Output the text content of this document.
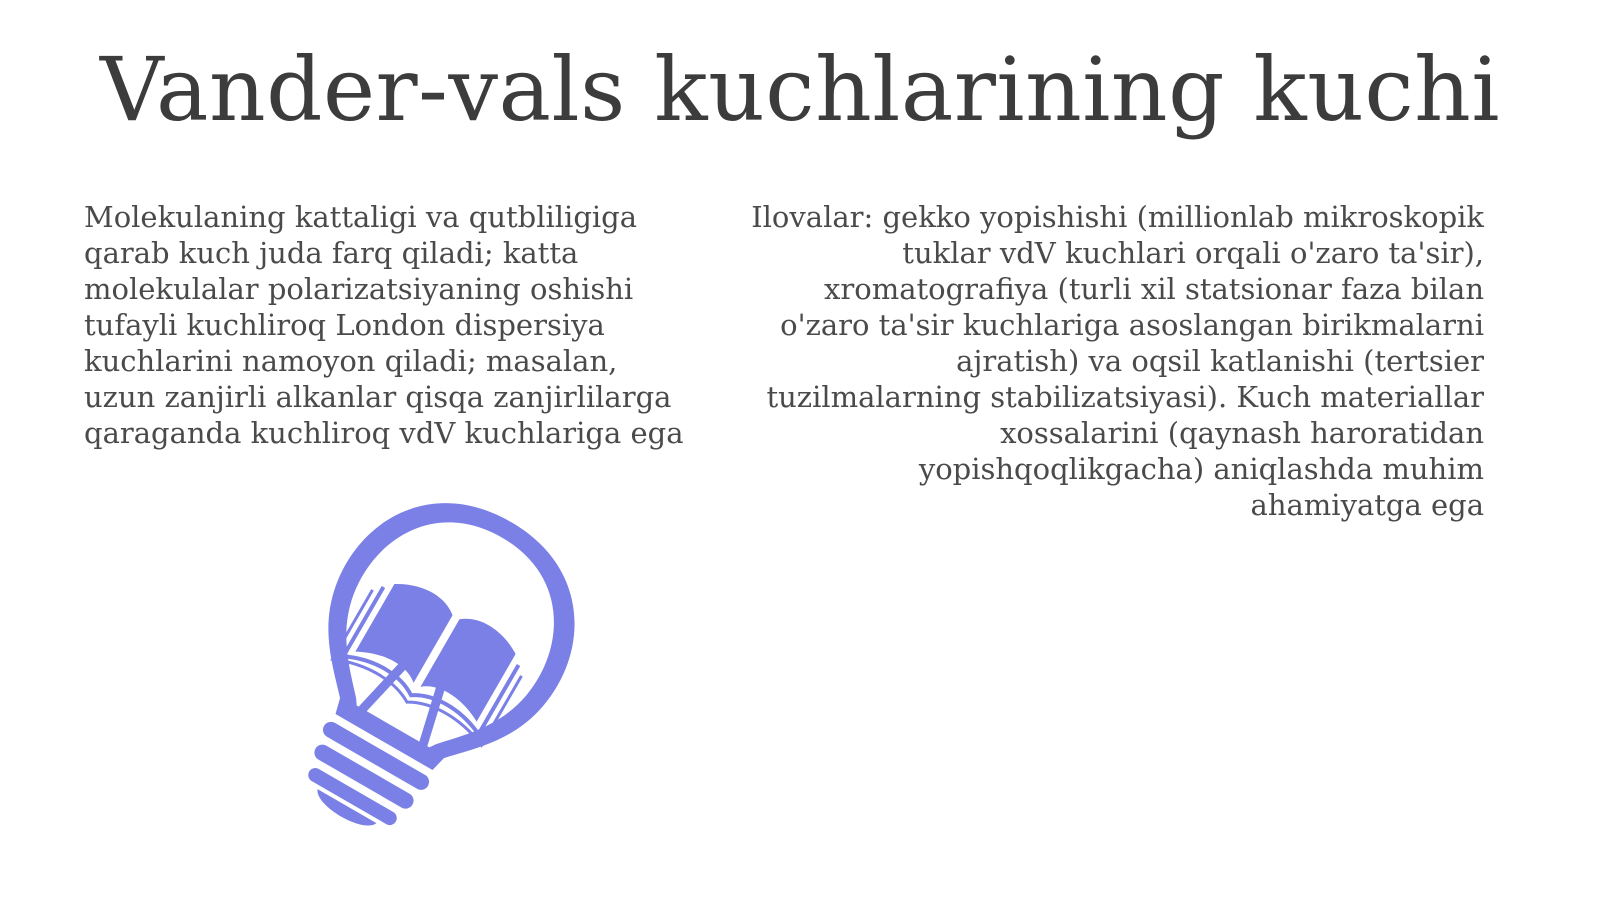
Vander-vals kuchlarining kuchi

Molekulaning kattaligi va qutbliligiga qarab kuch juda farq qiladi; katta molekulalar polarizatsiyaning oshishi tufayli kuchliroq London dispersiya kuchlarini namoyon qiladi; masalan, uzun zanjirli alkanlar qisqa zanjirlilarga qaraganda kuchliroq vdV kuchlariga ega

Ilovalar: gekko yopishishi (millionlab mikroskopik tuklar vdV kuchlari orqali o'zaro ta'sir), xromatografiya (turli xil statsionar faza bilan o'zaro ta'sir kuchlariga asoslangan birikmalarni ajratish) va oqsil katlanishi (tertsier tuzilmalarning stabilizatsiyasi). Kuch materiallar xossalarini (qaynash haroratidan yopishqoqlikgacha) aniqlashda muhim ahamiyatga ega
